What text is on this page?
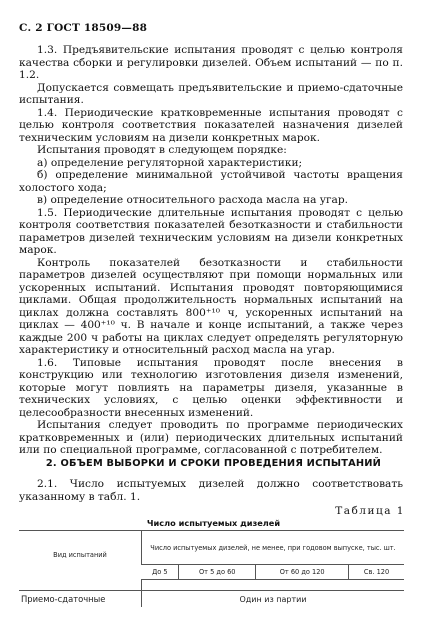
С. 2 ГОСТ 18509—88

1.3. Предъявительские испытания проводят с целью контроля качества сборки и регулировки дизелей. Объем испытаний — по п. 1.2.

Допускается совмещать предъявительские и приемо-сдаточные испытания.

1.4. Периодические кратковременные испытания проводят с целью контроля соответствия показателей назначения дизелей техническим условиям на дизели конкретных марок.

Испытания проводят в следующем порядке:

а) определение регуляторной характеристики;

б) определение минимальной устойчивой частоты вращения холостого хода;

в) определение относительного расхода масла на угар.

1.5. Периодические длительные испытания проводят с целью контроля соответствия показателей безотказности и стабильности параметров дизелей техническим условиям на дизели конкретных марок.

Контроль показателей безотказности и стабильности параметров дизелей осуществляют при помощи нормальных или ускоренных испытаний. Испытания проводят повторяющимися циклами. Общая продолжительность нормальных испытаний на циклах должна составлять 800⁺¹⁰ ч, ускоренных испытаний на циклах — 400⁺¹⁰ ч. В начале и конце испытаний, а также через каждые 200 ч работы на циклах следует определять регуляторную характеристику и относительный расход масла на угар.

1.6. Типовые испытания проводят после внесения в конструкцию или технологию изготовления дизеля изменений, которые могут повлиять на параметры дизеля, указанные в технических условиях, с целью оценки эффективности и целесообразности внесенных изменений.

Испытания следует проводить по программе периодических кратковременных и (или) периодических длительных испытаний или по специальной программе, согласованной с потребителем.

2. ОБЪЕМ ВЫБОРКИ И СРОКИ ПРОВЕДЕНИЯ ИСПЫТАНИЙ

2.1. Число испытуемых дизелей должно соответствовать указанному в табл. 1.

Таблица 1
Число испытуемых дизелей
Вид испытаний	Число испытуемых дизелей, не менее, при годовом выпуске, тыс. шт.			
	До 5	От 5 до 60	От 60 до 120	Св. 120

Приемо-сдаточные	Один из партии			
